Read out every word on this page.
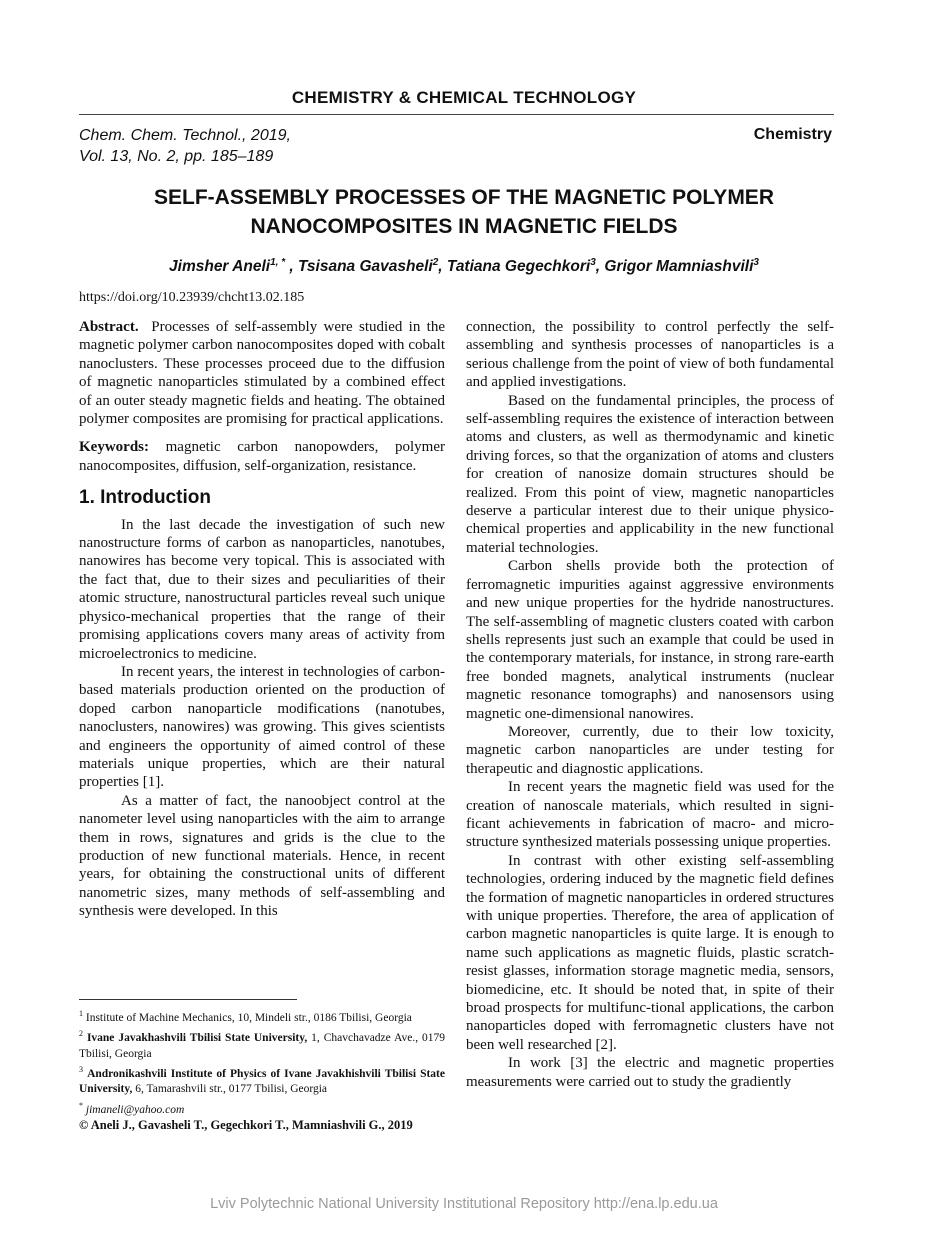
CHEMISTRY & CHEMICAL TECHNOLOGY
Chem. Chem. Technol., 2019,
Vol. 13, No. 2, pp. 185–189
Chemistry
SELF-ASSEMBLY PROCESSES OF THE MAGNETIC POLYMER
NANOCOMPOSITES IN MAGNETIC FIELDS
Jimsher Aneli$^{1, *}$ , Tsisana Gavasheli$^2$, Tatiana Gegechkori$^3$, Grigor Mamniashvili$^3$
https://doi.org/10.23939/chcht13.02.185

Abstract. Processes of self-assembly were studied in the magnetic polymer carbon nanocomposites doped with cobalt nanoclusters. These processes proceed due to the diffusion of magnetic nanoparticles stimulated by a combined effect of an outer steady magnetic fields and heating. The obtained polymer composites are promising for practical applications.

Keywords: magnetic carbon nanopowders, polymer nanocomposites, diffusion, self-organization, resistance.

1. Introduction

In the last decade the investigation of such new nanostructure forms of carbon as nanoparticles, nanotubes, nanowires has become very topical. This is associated with the fact that, due to their sizes and peculiarities of their atomic structure, nanostructural particles reveal such unique physico-mechanical properties that the range of their promising applications covers many areas of activity from microelectronics to medicine.

In recent years, the interest in technologies of carbon-based materials production oriented on the production of doped carbon nanoparticle modifications (nanotubes, nanoclusters, nanowires) was growing. This gives scientists and engineers the opportunity of aimed control of these materials unique properties, which are their natural properties [1].

As a matter of fact, the nanoobject control at the nanometer level using nanoparticles with the aim to arrange them in rows, signatures and grids is the clue to the production of new functional materials. Hence, in recent years, for obtaining the constructional units of different nanometric sizes, many methods of self-assembling and synthesis were developed. In this

connection, the possibility to control perfectly the self-assembling and synthesis processes of nanoparticles is a serious challenge from the point of view of both fundamental and applied investigations.

Based on the fundamental principles, the process of self-assembling requires the existence of interaction between atoms and clusters, as well as thermodynamic and kinetic driving forces, so that the organization of atoms and clusters for creation of nanosize domain structures should be realized. From this point of view, magnetic nanoparticles deserve a particular interest due to their unique physico-chemical properties and applicability in the new functional material technologies.

Carbon shells provide both the protection of ferromagnetic impurities against aggressive environments and new unique properties for the hydride nanostructures. The self-assembling of magnetic clusters coated with carbon shells represents just such an example that could be used in the contemporary materials, for instance, in strong rare-earth free bonded magnets, analytical instruments (nuclear magnetic resonance tomographs) and nanosensors using magnetic one-dimensional nanowires.

Moreover, currently, due to their low toxicity, magnetic carbon nanoparticles are under testing for therapeutic and diagnostic applications.

In recent years the magnetic field was used for the creation of nanoscale materials, which resulted in signi-ficant achievements in fabrication of macro- and micro-structure synthesized materials possessing unique properties.

In contrast with other existing self-assembling technologies, ordering induced by the magnetic field defines the formation of magnetic nanoparticles in ordered structures with unique properties. Therefore, the area of application of carbon magnetic nanoparticles is quite large. It is enough to name such applications as magnetic fluids, plastic scratch-resist glasses, information storage magnetic media, sensors, biomedicine, etc. It should be noted that, in spite of their broad prospects for multifunc-tional applications, the carbon nanoparticles doped with ferromagnetic clusters have not been well researched [2].

In work [3] the electric and magnetic properties measurements were carried out to study the gradiently

$^1$ Institute of Machine Mechanics, 10, Mindeli str., 0186 Tbilisi, Georgia
$^2$ Ivane Javakhashvili Tbilisi State University, 1, Chavchavadze Ave., 0179 Tbilisi, Georgia
$^3$ Andronikashvili Institute of Physics of Ivane Javakhishvili Tbilisi State University, 6, Tamarashvili str., 0177 Tbilisi, Georgia
* jimaneli@yahoo.com
© Aneli J., Gavasheli T., Gegechkori T., Mamniashvili G., 2019
Lviv Polytechnic National University Institutional Repository http://ena.lp.edu.ua
